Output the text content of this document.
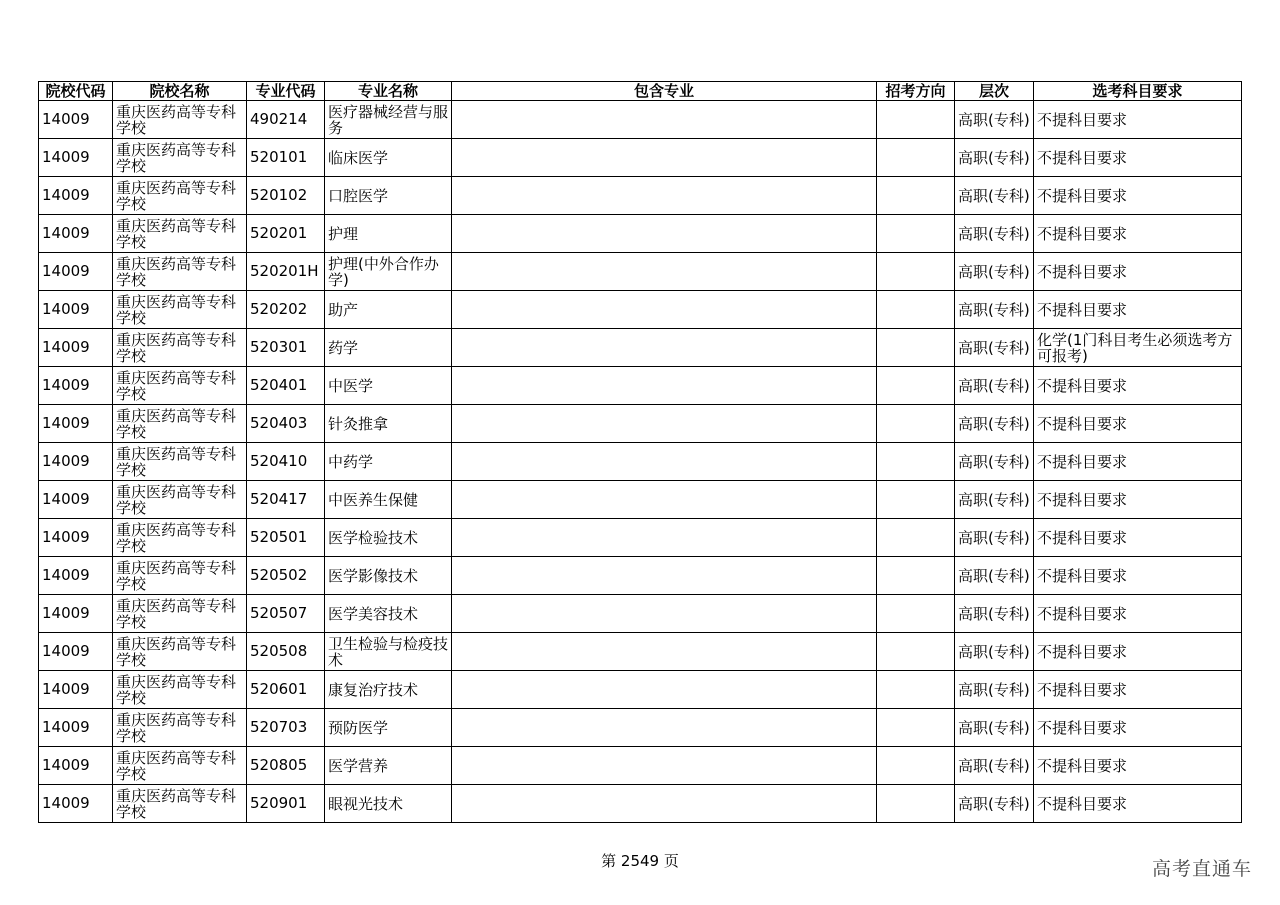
院校代码	院校名称	专业代码	专业名称	包含专业	招考方向	层次	选考科目要求
14009	重庆医药高等专科学校	490214	医疗器械经营与服务			高职(专科)	不提科目要求
14009	重庆医药高等专科学校	520101	临床医学			高职(专科)	不提科目要求
14009	重庆医药高等专科学校	520102	口腔医学			高职(专科)	不提科目要求
14009	重庆医药高等专科学校	520201	护理			高职(专科)	不提科目要求
14009	重庆医药高等专科学校	520201H	护理(中外合作办学)			高职(专科)	不提科目要求
14009	重庆医药高等专科学校	520202	助产			高职(专科)	不提科目要求
14009	重庆医药高等专科学校	520301	药学			高职(专科)	化学(1门科目考生必须选考方可报考)
14009	重庆医药高等专科学校	520401	中医学			高职(专科)	不提科目要求
14009	重庆医药高等专科学校	520403	针灸推拿			高职(专科)	不提科目要求
14009	重庆医药高等专科学校	520410	中药学			高职(专科)	不提科目要求
14009	重庆医药高等专科学校	520417	中医养生保健			高职(专科)	不提科目要求
14009	重庆医药高等专科学校	520501	医学检验技术			高职(专科)	不提科目要求
14009	重庆医药高等专科学校	520502	医学影像技术			高职(专科)	不提科目要求
14009	重庆医药高等专科学校	520507	医学美容技术			高职(专科)	不提科目要求
14009	重庆医药高等专科学校	520508	卫生检验与检疫技术			高职(专科)	不提科目要求
14009	重庆医药高等专科学校	520601	康复治疗技术			高职(专科)	不提科目要求
14009	重庆医药高等专科学校	520703	预防医学			高职(专科)	不提科目要求
14009	重庆医药高等专科学校	520805	医学营养			高职(专科)	不提科目要求
14009	重庆医药高等专科学校	520901	眼视光技术			高职(专科)	不提科目要求
第 2549 页	高考直通车
